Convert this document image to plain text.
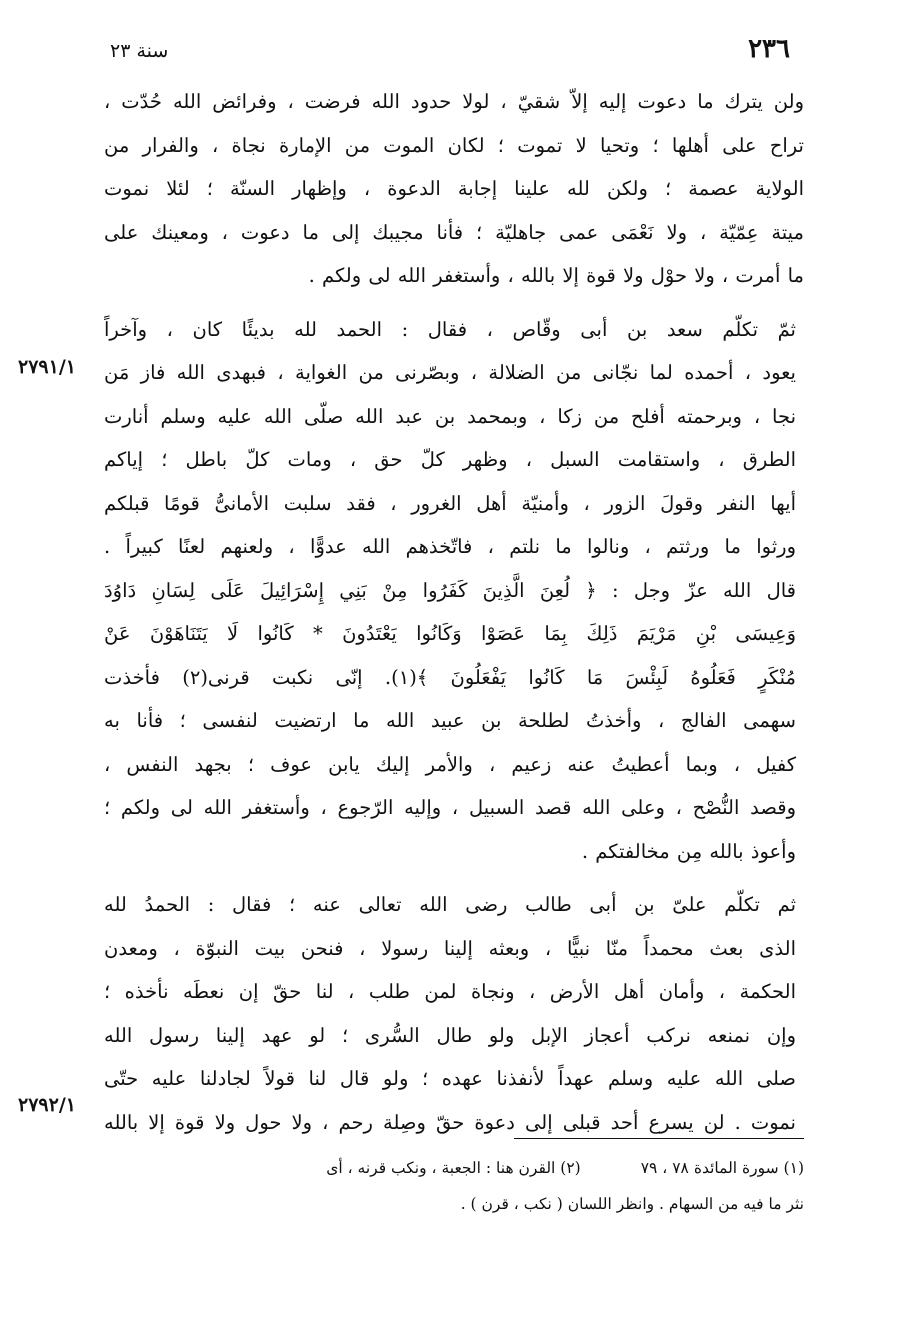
٢٣٦
سنة ٢٣
ولن يترك ما دعوت إليه إلاّ شقيّ ، لولا حدود الله فرضت ، وفرائض الله حُدّت ،
تراح على أهلها ؛ وتحيا لا تموت ؛ لكان الموت من الإمارة نجاة ، والفرار من
الولاية عصمة ؛ ولكن لله علينا إجابة الدعوة ، وإظهار السنّة ؛ لئلا نموت
ميتة عِمّيّة ، ولا نَعْمَى عمى جاهليّة ؛ فأنا مجيبك إلى ما دعوت ، ومعينك على
ما أمرت ، ولا حوْل ولا قوة إلا بالله ، وأستغفر الله لى ولكم .
ثمّ تكلّم سعد بن أبى وقّاص ، فقال : الحمد لله بديئًا كان ، وآخراً
يعود ، أحمده لما نجّانى من الضلالة ، وبصّرنى من الغواية ، فبهدى الله فاز مَن
نجا ، وبرحمته أفلح من زكا ، وبمحمد بن عبد الله صلّى الله عليه وسلم أنارت
الطرق ، واستقامت السبل ، وظهر كلّ حق ، ومات كلّ باطل ؛ إياكم
أيها النفر وقولَ الزور ، وأمنيّة أهل الغرور ، فقد سلبت الأمانىُّ قومًا قبلكم
ورثوا ما ورثتم ، ونالوا ما نلتم ، فاتّخذهم الله عدوًّا ، ولعنهم لعنًا كبيراً .
قال الله عزّ وجل : ﴿ لُعِنَ الَّذِينَ كَفَرُوا مِنْ بَنِي إِسْرَائِيلَ عَلَى لِسَانِ دَاوُدَ
وَعِيسَى بْنِ مَرْيَمَ ذَلِكَ بِمَا عَصَوْا وَكَانُوا يَعْتَدُونَ * كَانُوا لَا يَتَنَاهَوْنَ عَنْ
مُنْكَرٍ فَعَلُوهُ لَبِئْسَ مَا كَانُوا يَفْعَلُونَ ﴾(١). إنّى نكبت قرنى(٢) فأخذت
سهمى الفالج ، وأخذتُ لطلحة بن عبيد الله ما ارتضيت لنفسى ؛ فأنا به
كفيل ، وبما أعطيتُ عنه زعيم ، والأمر إليك يابن عوف ؛ بجهد النفس ،
وقصد النُّصْح ، وعلى الله قصد السبيل ، وإليه الرّجوع ، وأستغفر الله لى ولكم ؛
وأعوذ بالله مِن مخالفتكم .
ثم تكلّم علىّ بن أبى طالب رضى الله تعالى عنه ؛ فقال : الحمدُ لله
الذى بعث محمداً منّا نبيًّا ، وبعثه إلينا رسولا ، فنحن بيت النبوّة ، ومعدن
الحكمة ، وأمان أهل الأرض ، ونجاة لمن طلب ، لنا حقّ إن نعطَه نأخذه ؛
وإن نمنعه نركب أعجاز الإبل ولو طال السُّرى ؛ لو عهد إلينا رسول الله
صلى الله عليه وسلم عهداً لأنفذنا عهده ؛ ولو قال لنا قولاً لجادلنا عليه حتّى
نموت . لن يسرع أحد قبلى إلى دعوة حقّ وصِلة رحم ، ولا حول ولا قوة إلا بالله
٢٧٩١/١
٢٧٩٢/١
(١) سورة المائدة ٧٨ ، ٧٩(٢) القرن هنا : الجعبة ، ونكب قرنه ، أى
نثر ما فيه من السهام . وانظر اللسان ( نكب ، قرن ) .
